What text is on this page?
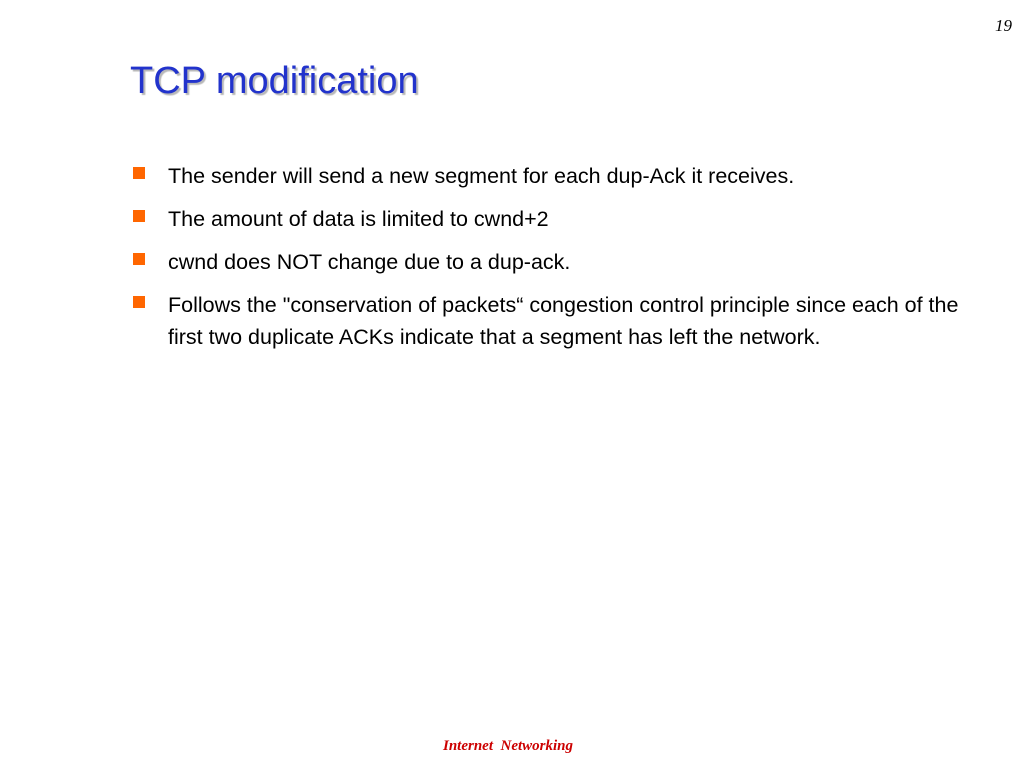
19
TCP modification
The sender will send a new segment for each dup-Ack it receives.
The amount of data is limited to cwnd+2
cwnd does NOT change due to a dup-ack.
Follows the "conservation of packets“ congestion control principle since each of the first two duplicate ACKs indicate that a segment has left the network.
Internet  Networking
